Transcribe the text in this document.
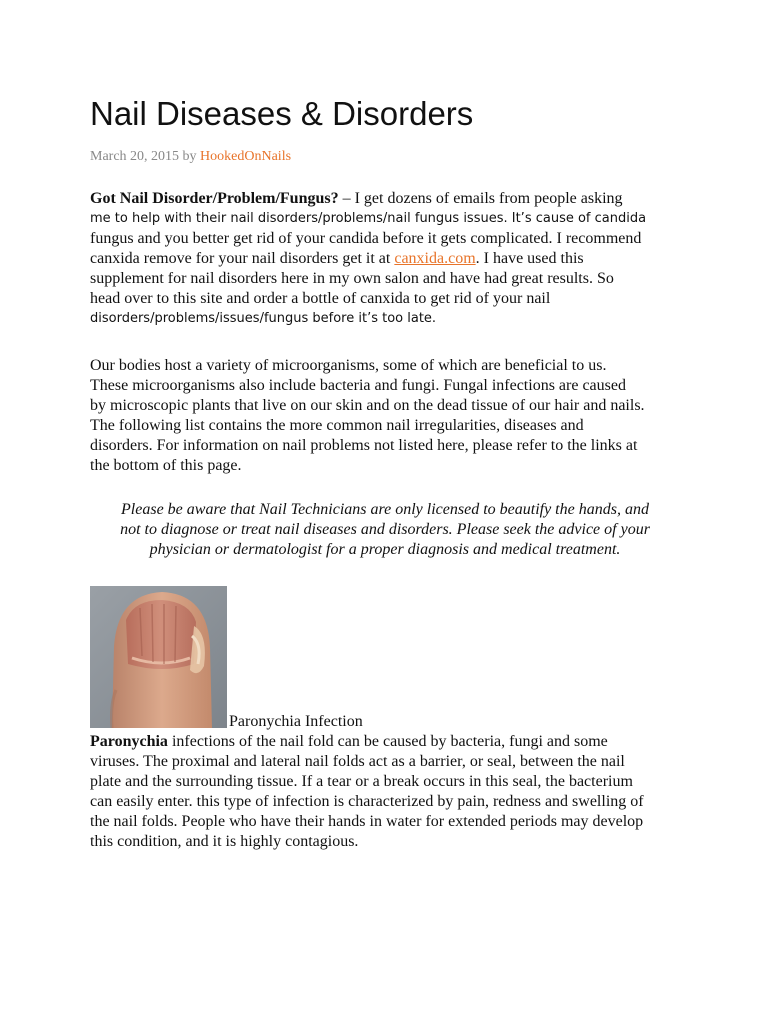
Nail Diseases & Disorders
March 20, 2015 by HookedOnNails
Got Nail Disorder/Problem/Fungus? – I get dozens of emails from people asking
me to help with their nail disorders/problems/nail fungus issues. It’s cause of candida
fungus and you better get rid of your candida before it gets complicated. I recommend
canxida remove for your nail disorders get it at canxida.com. I have used this
supplement for nail disorders here in my own salon and have had great results. So
head over to this site and order a bottle of canxida to get rid of your nail
disorders/problems/issues/fungus before it’s too late.
Our bodies host a variety of microorganisms, some of which are beneficial to us.
These microorganisms also include bacteria and fungi. Fungal infections are caused
by microscopic plants that live on our skin and on the dead tissue of our hair and nails.
The following list contains the more common nail irregularities, diseases and
disorders. For information on nail problems not listed here, please refer to the links at
the bottom of this page.
Please be aware that Nail Technicians are only licensed to beautify the hands, and
not to diagnose or treat nail diseases and disorders. Please seek the advice of your
physician or dermatologist for a proper diagnosis and medical treatment.
Paronychia Infection
Paronychia infections of the nail fold can be caused by bacteria, fungi and some
viruses. The proximal and lateral nail folds act as a barrier, or seal, between the nail
plate and the surrounding tissue. If a tear or a break occurs in this seal, the bacterium
can easily enter. this type of infection is characterized by pain, redness and swelling of
the nail folds. People who have their hands in water for extended periods may develop
this condition, and it is highly contagious.
